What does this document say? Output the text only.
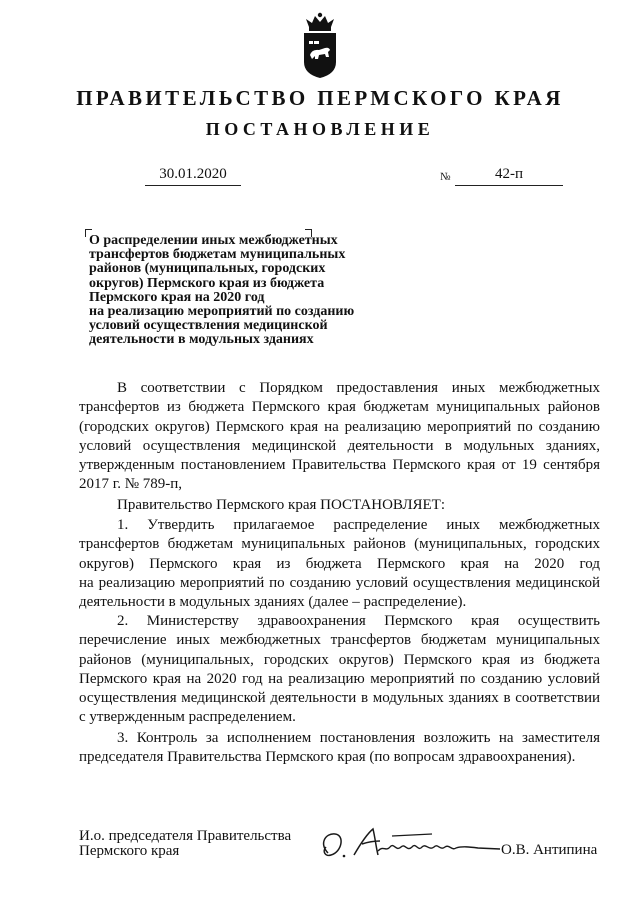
ПРАВИТЕЛЬСТВО ПЕРМСКОГО КРАЯ
ПОСТАНОВЛЕНИЕ
30.01.2020	№	42-п
О распределении иных межбюджетных
трансфертов бюджетам муниципальных
районов (муниципальных, городских
округов) Пермского края из бюджета
Пермского края на 2020 год
на реализацию мероприятий по созданию
условий осуществления медицинской
деятельности в модульных зданиях
В соответствии с Порядком предоставления иных межбюджетных
трансфертов из бюджета Пермского края бюджетам муниципальных районов
(городских округов) Пермского края на реализацию мероприятий по созданию
условий осуществления медицинской деятельности в модульных зданиях,
утвержденным постановлением Правительства Пермского края от 19 сентября
2017 г. № 789-п,
Правительство Пермского края ПОСТАНОВЛЯЕТ:
1. Утвердить прилагаемое распределение иных межбюджетных
трансфертов бюджетам муниципальных районов (муниципальных, городских
округов) Пермского края из бюджета Пермского края на 2020 год
на реализацию мероприятий по созданию условий осуществления медицинской
деятельности в модульных зданиях (далее – распределение).
2. Министерству здравоохранения Пермского края осуществить
перечисление иных межбюджетных трансфертов бюджетам муниципальных
районов (муниципальных, городских округов) Пермского края из бюджета
Пермского края на 2020 год на реализацию мероприятий по созданию условий
осуществления медицинской деятельности в модульных зданиях в соответствии
с утвержденным распределением.
3. Контроль за исполнением постановления возложить на заместителя
председателя Правительства Пермского края (по вопросам здравоохранения).
И.о. председателя Правительства
Пермского края	О.В. Антипина
